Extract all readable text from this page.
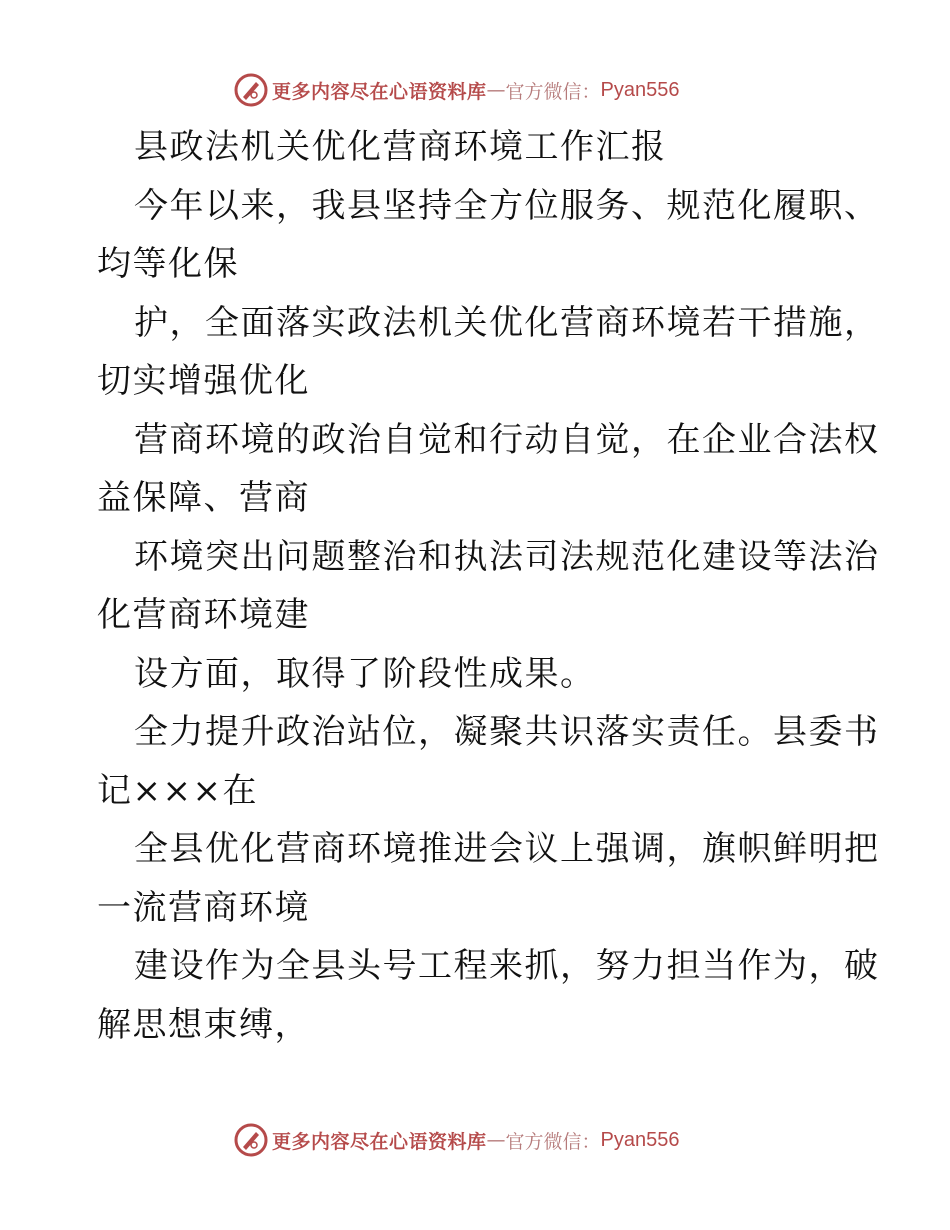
更多内容尽在心语资料库 — 官方微信： Pyan556
县政法机关优化营商环境工作汇报
今年以来，我县坚持全方位服务、规范化履职、
均等化保
护，全面落实政法机关优化营商环境若干措施，
切实增强优化
营商环境的政治自觉和行动自觉，在企业合法权
益保障、营商
环境突出问题整治和执法司法规范化建设等法治
化营商环境建
设方面，取得了阶段性成果。
全力提升政治站位，凝聚共识落实责任。县委书
记×××在
全县优化营商环境推进会议上强调，旗帜鲜明把
一流营商环境
建设作为全县头号工程来抓，努力担当作为，破
解思想束缚，
更多内容尽在心语资料库 — 官方微信： Pyan556
